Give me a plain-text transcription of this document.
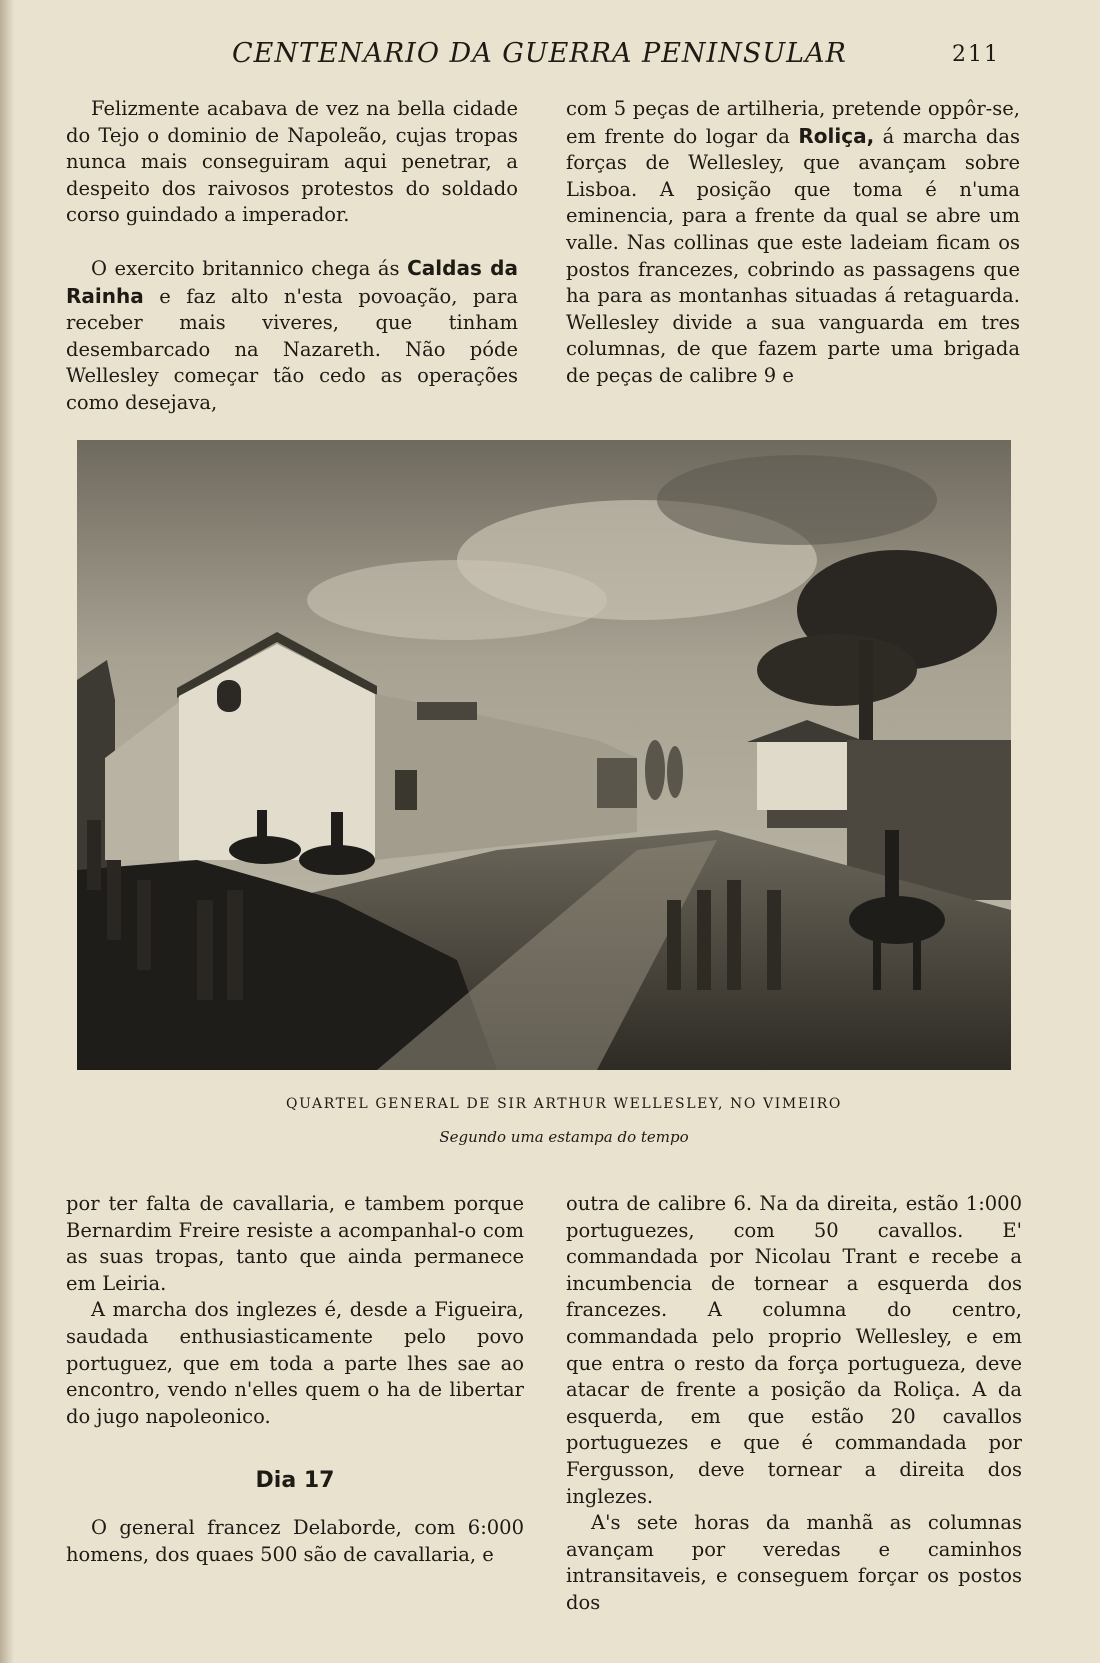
CENTENARIO DA GUERRA PENINSULAR	211

Felizmente acabava de vez na bella cidade do Tejo o dominio de Napoleão, cujas tropas nunca mais conseguiram aqui penetrar, a despeito dos raivosos protestos do soldado corso guindado a imperador.

O exercito britannico chega ás Caldas da Rainha e faz alto n'esta povoação, para receber mais viveres, que tinham desembarcado na Nazareth. Não póde Wellesley começar tão cedo as operações como desejava,

com 5 peças de artilheria, pretende oppôr-se, em frente do logar da Roliça, á marcha das forças de Wellesley, que avançam sobre Lisboa. A posição que toma é n'uma eminencia, para a frente da qual se abre um valle. Nas collinas que este ladeiam ficam os postos francezes, cobrindo as passagens que ha para as montanhas situadas á retaguarda. Wellesley divide a sua vanguarda em tres columnas, de que fazem parte uma brigada de peças de calibre 9 e

QUARTEL GENERAL DE SIR ARTHUR WELLESLEY, NO VIMEIRO
Segundo uma estampa do tempo

por ter falta de cavallaria, e tambem porque Bernardim Freire resiste a acompanhal-o com as suas tropas, tanto que ainda permanece em Leiria.

A marcha dos inglezes é, desde a Figueira, saudada enthusiasticamente pelo povo portuguez, que em toda a parte lhes sae ao encontro, vendo n'elles quem o ha de libertar do jugo napoleonico.

Dia 17

O general francez Delaborde, com 6:000 homens, dos quaes 500 são de cavallaria, e

outra de calibre 6. Na da direita, estão 1:000 portuguezes, com 50 cavallos. E' commandada por Nicolau Trant e recebe a incumbencia de tornear a esquerda dos francezes. A columna do centro, commandada pelo proprio Wellesley, e em que entra o resto da força portugueza, deve atacar de frente a posição da Roliça. A da esquerda, em que estão 20 cavallos portuguezes e que é commandada por Fergusson, deve tornear a direita dos inglezes.

A's sete horas da manhã as columnas avançam por veredas e caminhos intransitaveis, e conseguem forçar os postos dos
